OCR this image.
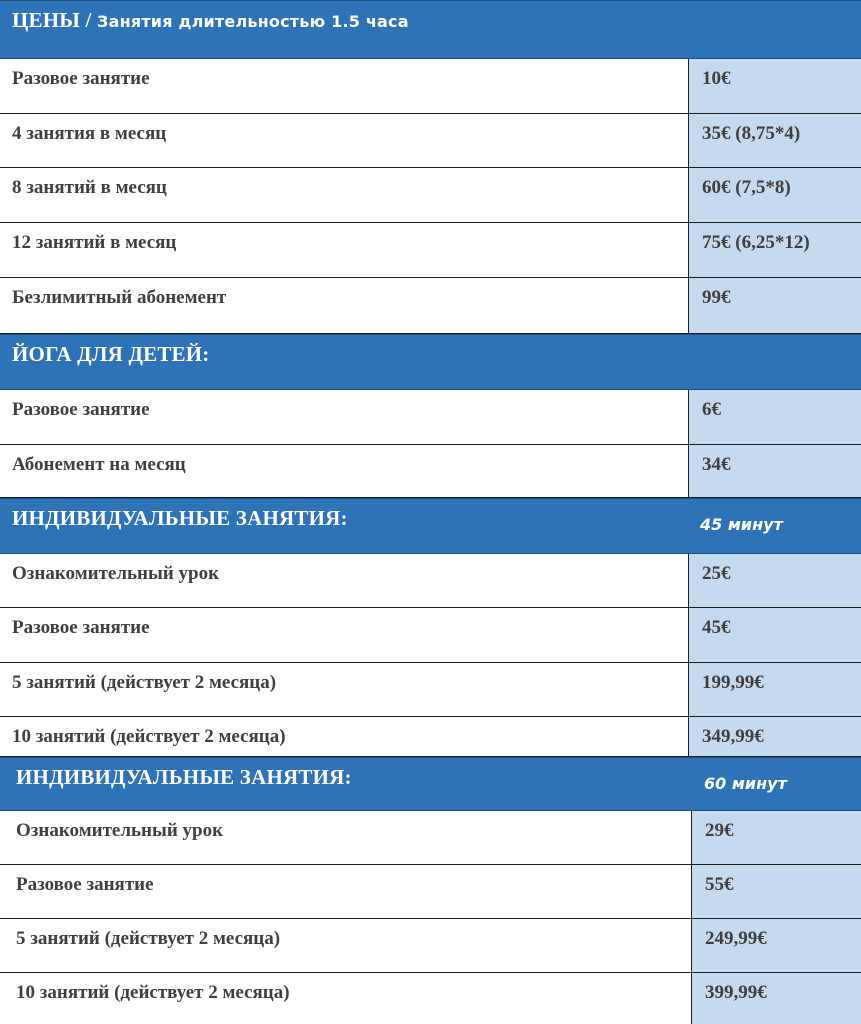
ЦЕНЫ / Занятия длительностью 1.5 часа
Разовое занятие	10€
4 занятия в месяц	35€ (8,75*4)
8 занятий в месяц	60€ (7,5*8)
12 занятий в месяц	75€ (6,25*12)
Безлимитный абонемент	99€
ЙОГА ДЛЯ ДЕТЕЙ:
Разовое занятие	6€
Абонемент на месяц	34€
ИНДИВИДУАЛЬНЫЕ ЗАНЯТИЯ:	45 минут
Ознакомительный урок	25€
Разовое занятие	45€
5 занятий (действует 2 месяца)	199,99€
10 занятий (действует 2 месяца)	349,99€
ИНДИВИДУАЛЬНЫЕ ЗАНЯТИЯ:	60 минут
Ознакомительный урок	29€
Разовое занятие	55€
5 занятий (действует 2 месяца)	249,99€
10 занятий (действует 2 месяца)	399,99€
